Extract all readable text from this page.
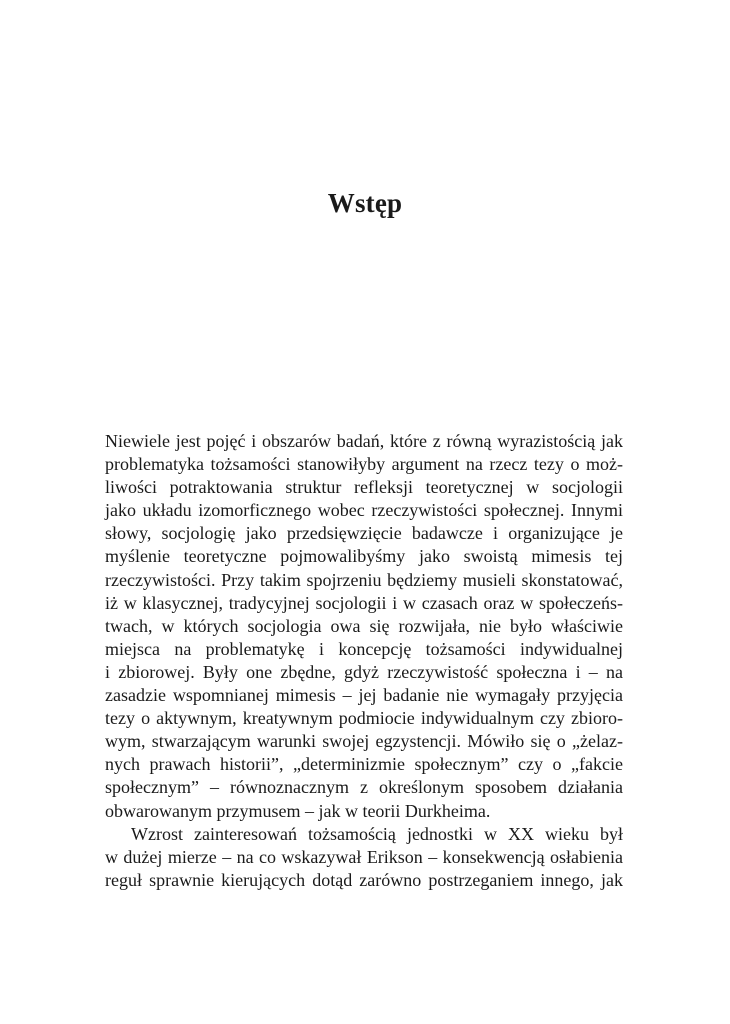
Wstęp
Niewiele jest pojęć i obszarów badań, które z równą wyrazistością jak
problematyka tożsamości stanowiłyby argument na rzecz tezy o moż-
liwości potraktowania struktur refleksji teoretycznej w socjologii
jako układu izomorficznego wobec rzeczywistości społecznej. Innymi
słowy, socjologię jako przedsięwzięcie badawcze i organizujące je
myślenie teoretyczne pojmowalibyśmy jako swoistą mimesis tej
rzeczywistości. Przy takim spojrzeniu będziemy musieli skonstatować,
iż w klasycznej, tradycyjnej socjologii i w czasach oraz w społeczeńs-
twach, w których socjologia owa się rozwijała, nie było właściwie
miejsca na problematykę i koncepcję tożsamości indywidualnej
i zbiorowej. Były one zbędne, gdyż rzeczywistość społeczna i – na
zasadzie wspomnianej mimesis – jej badanie nie wymagały przyjęcia
tezy o aktywnym, kreatywnym podmiocie indywidualnym czy zbioro-
wym, stwarzającym warunki swojej egzystencji. Mówiło się o „żelaz-
nych prawach historii”, „determinizmie społecznym” czy o „fakcie
społecznym” – równoznacznym z określonym sposobem działania
obwarowanym przymusem – jak w teorii Durkheima.
Wzrost zainteresowań tożsamością jednostki w XX wieku był
w dużej mierze – na co wskazywał Erikson – konsekwencją osłabienia
reguł sprawnie kierujących dotąd zarówno postrzeganiem innego, jak
